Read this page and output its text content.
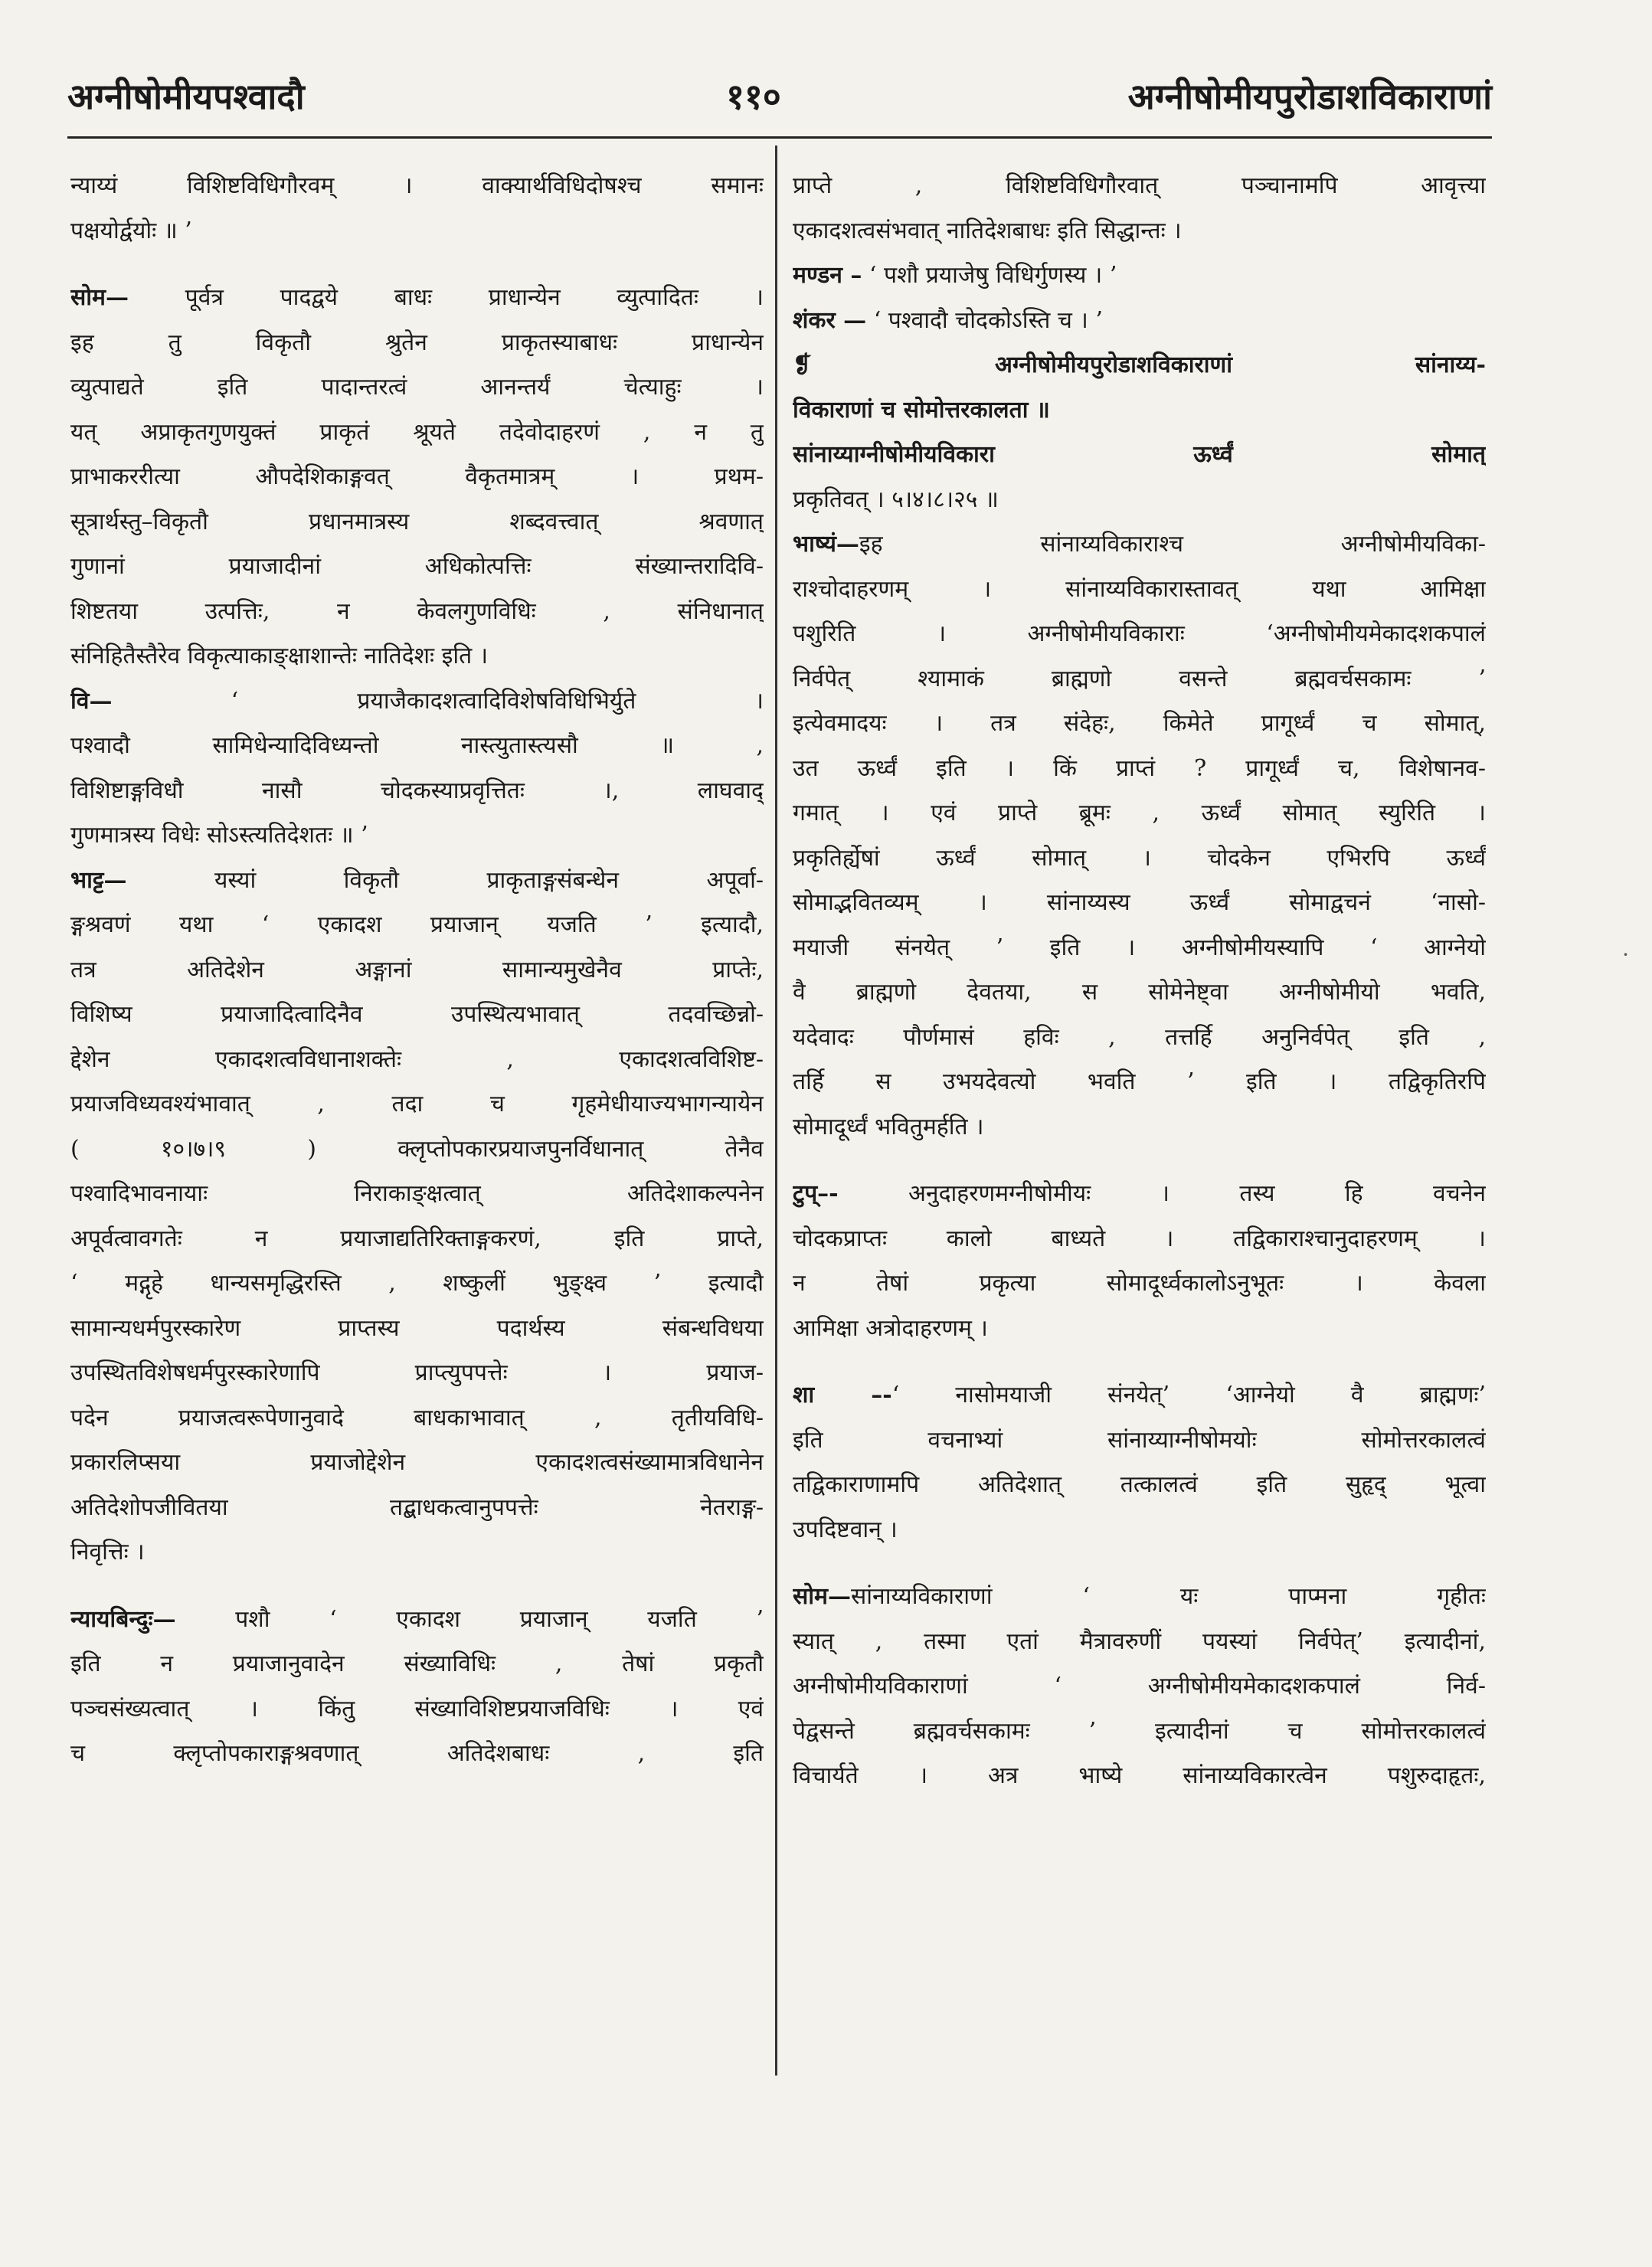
अग्नीषोमीयपश्वादौ	११०	अग्नीषोमीयपुरोडाशविकाराणां
न्याय्यं विशिष्टविधिगौरवम् । वाक्यार्थविधिदोषश्च समानः
पक्षयोर्द्वयोः ॥ ’
सोम— पूर्वत्र पादद्वये बाधः प्राधान्येन व्युत्पादितः ।
इह तु विकृतौ श्रुतेन प्राकृतस्याबाधः प्राधान्येन
व्युत्पाद्यते इति पादान्तरत्वं आनन्तर्यं चेत्याहुः ।
यत् अप्राकृतगुणयुक्तं प्राकृतं श्रूयते तदेवोदाहरणं , न तु
प्राभाकररीत्या औपदेशिकाङ्गवत् वैकृतमात्रम् । प्रथम-
सूत्रार्थस्तु–विकृतौ प्रधानमात्रस्य शब्दवत्त्वात् श्रवणात्
गुणानां प्रयाजादीनां अधिकोत्पत्तिः संख्यान्तरादिवि-
शिष्टतया उत्पत्तिः, न केवलगुणविधिः , संनिधानात्
संनिहितैस्तैरेव विकृत्याकाङ्क्षाशान्तेः नातिदेशः इति ।
वि— ‘ प्रयाजैकादशत्वादिविशेषविधिभिर्युते ।
पश्वादौ सामिधेन्यादिविध्यन्तो नास्त्युतास्त्यसौ ॥ ,
विशिष्टाङ्गविधौ नासौ चोदकस्याप्रवृत्तितः ।, लाघवाद्
गुणमात्रस्य विधेः सोऽस्त्यतिदेशतः ॥ ’
भाट्ट— यस्यां विकृतौ प्राकृताङ्गसंबन्धेन अपूर्वा-
ङ्गश्रवणं यथा ‘ एकादश प्रयाजान् यजति ’ इत्यादौ,
तत्र अतिदेशेन अङ्गानां सामान्यमुखेनैव प्राप्तेः,
विशिष्य प्रयाजादित्वादिनैव उपस्थित्यभावात् तदवच्छिन्नो-
द्देशेन एकादशत्वविधानाशक्तेः , एकादशत्वविशिष्ट-
प्रयाजविध्यवश्यंभावात् , तदा च गृहमेधीयाज्यभागन्यायेन
( १०।७।९ ) क्लृप्तोपकारप्रयाजपुनर्विधानात् तेनैव
पश्वादिभावनायाः निराकाङ्क्षत्वात् अतिदेशाकल्पनेन
अपूर्वत्वावगतेः न प्रयाजाद्यतिरिक्ताङ्गकरणं, इति प्राप्ते,
‘ मद्गृहे धान्यसमृद्धिरस्ति , शष्कुलीं भुङ्क्ष्व ’ इत्यादौ
सामान्यधर्मपुरस्कारेण प्राप्तस्य पदार्थस्य संबन्धविधया
उपस्थितविशेषधर्मपुरस्कारेणापि प्राप्त्युपपत्तेः । प्रयाज-
पदेन प्रयाजत्वरूपेणानुवादे बाधकाभावात् , तृतीयविधि-
प्रकारलिप्सया प्रयाजोद्देशेन एकादशत्वसंख्यामात्रविधानेन
अतिदेशोपजीवितया तद्बाधकत्वानुपपत्तेः नेतराङ्ग-
निवृत्तिः ।
न्यायबिन्दुः— पशौ ‘ एकादश प्रयाजान् यजति ’
इति न प्रयाजानुवादेन संख्याविधिः , तेषां प्रकृतौ
पञ्चसंख्यत्वात् । किंतु संख्याविशिष्टप्रयाजविधिः । एवं
च क्लृप्तोपकाराङ्गश्रवणात् अतिदेशबाधः , इति
प्राप्ते , विशिष्टविधिगौरवात् पञ्चानामपि आवृत्त्या
एकादशत्वसंभवात् नातिदेशबाधः इति सिद्धान्तः ।
मण्डन – ‘ पशौ प्रयाजेषु विधिर्गुणस्य । ’
शंकर — ‘ पश्वादौ चोदकोऽस्ति च । ’
❡ अग्नीषोमीयपुरोडाशविकाराणां सांनाय्य-
विकाराणां च सोमोत्तरकालता ॥
सांनाय्याग्नीषोमीयविकारा ऊर्ध्वं सोमात्
प्रकृतिवत् । ५।४।८।२५ ॥
भाष्यं—इह सांनाय्यविकाराश्च अग्नीषोमीयविका-
राश्चोदाहरणम् । सांनाय्यविकारास्तावत् यथा आमिक्षा
पशुरिति । अग्नीषोमीयविकाराः ‘अग्नीषोमीयमेकादशकपालं
निर्वपेत् श्यामाकं ब्राह्मणो वसन्ते ब्रह्मवर्चसकामः ’
इत्येवमादयः । तत्र संदेहः, किमेते प्रागूर्ध्वं च सोमात्,
उत ऊर्ध्वं इति । किं प्राप्तं ? प्रागूर्ध्वं च, विशेषानव-
गमात् । एवं प्राप्ते ब्रूमः , ऊर्ध्वं सोमात् स्युरिति ।
प्रकृतिर्ह्येषां ऊर्ध्वं सोमात् । चोदकेन एभिरपि ऊर्ध्वं
सोमाद्भवितव्यम् । सांनाय्यस्य ऊर्ध्वं सोमाद्वचनं ‘नासो-
मयाजी संनयेत् ’ इति । अग्नीषोमीयस्यापि ‘ आग्नेयो
वै ब्राह्मणो देवतया, स सोमेनेष्ट्वा अग्नीषोमीयो भवति,
यदेवादः पौर्णमासं हविः , तत्तर्हि अनुनिर्वपेत् इति ,
तर्हि स उभयदेवत्यो भवति ’ इति । तद्विकृतिरपि
सोमादूर्ध्वं भवितुमर्हति ।
टुप्–- अनुदाहरणमग्नीषोमीयः । तस्य हि वचनेन
चोदकप्राप्तः कालो बाध्यते । तद्विकाराश्चानुदाहरणम् ।
न तेषां प्रकृत्या सोमादूर्ध्वकालोऽनुभूतः । केवला
आमिक्षा अत्रोदाहरणम् ।
शा –-‘ नासोमयाजी संनयेत्’ ‘आग्नेयो वै ब्राह्मणः’
इति वचनाभ्यां सांनाय्याग्नीषोमयोः सोमोत्तरकालत्वं
तद्विकाराणामपि अतिदेशात् तत्कालत्वं इति सुहृद् भूत्वा
उपदिष्टवान् ।
सोम—सांनाय्यविकाराणां ‘ यः पाप्मना गृहीतः
स्यात् , तस्मा एतां मैत्रावरुणीं पयस्यां निर्वपेत्’ इत्यादीनां,
अग्नीषोमीयविकाराणां ‘ अग्नीषोमीयमेकादशकपालं निर्व-
पेद्वसन्ते ब्रह्मवर्चसकामः ’ इत्यादीनां च सोमोत्तरकालत्वं
विचार्यते । अत्र भाष्ये सांनाय्यविकारत्वेन पशुरुदाहृतः,
·
